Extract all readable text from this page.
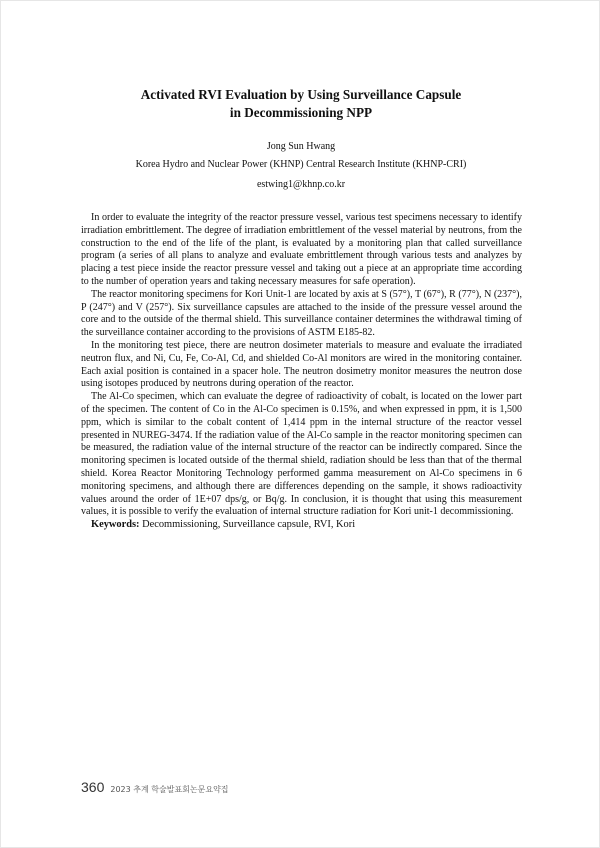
Activated RVI Evaluation by Using Surveillance Capsule
in Decommissioning NPP
Jong Sun Hwang
Korea Hydro and Nuclear Power (KHNP) Central Research Institute (KHNP-CRI)
estwing1@khnp.co.kr

In order to evaluate the integrity of the reactor pressure vessel, various test specimens necessary to identify irradiation embrittlement. The degree of irradiation embrittlement of the vessel material by neutrons, from the construction to the end of the life of the plant, is evaluated by a monitoring plan that called surveillance program (a series of all plans to analyze and evaluate embrittlement through various tests and analyzes by placing a test piece inside the reactor pressure vessel and taking out a piece at an appropriate time according to the number of operation years and taking necessary measures for safe operation).

The reactor monitoring specimens for Kori Unit-1 are located by axis at S (57°), T (67°), R (77°), N (237°), P (247°) and V (257°). Six surveillance capsules are attached to the inside of the pressure vessel around the core and to the outside of the thermal shield. This surveillance container determines the withdrawal timing of the surveillance container according to the provisions of ASTM E185-82.

In the monitoring test piece, there are neutron dosimeter materials to measure and evaluate the irradiated neutron flux, and Ni, Cu, Fe, Co-Al, Cd, and shielded Co-Al monitors are wired in the monitoring container. Each axial position is contained in a spacer hole. The neutron dosimetry monitor measures the neutron dose using isotopes produced by neutrons during operation of the reactor.

The Al-Co specimen, which can evaluate the degree of radioactivity of cobalt, is located on the lower part of the specimen. The content of Co in the Al-Co specimen is 0.15%, and when expressed in ppm, it is 1,500 ppm, which is similar to the cobalt content of 1,414 ppm in the internal structure of the reactor vessel presented in NUREG-3474. If the radiation value of the Al-Co sample in the reactor monitoring specimen can be measured, the radiation value of the internal structure of the reactor can be indirectly compared. Since the monitoring specimen is located outside of the thermal shield, radiation should be less than that of the thermal shield. Korea Reactor Monitoring Technology performed gamma measurement on Al-Co specimens in 6 monitoring specimens, and although there are differences depending on the sample, it shows radioactivity values around the order of 1E+07 dps/g, or Bq/g. In conclusion, it is thought that using this measurement values, it is possible to verify the evaluation of internal structure radiation for Kori unit-1 decommissioning.

Keywords: Decommissioning, Surveillance capsule, RVI, Kori

360 2023 추계 학술발표회논문요약집
